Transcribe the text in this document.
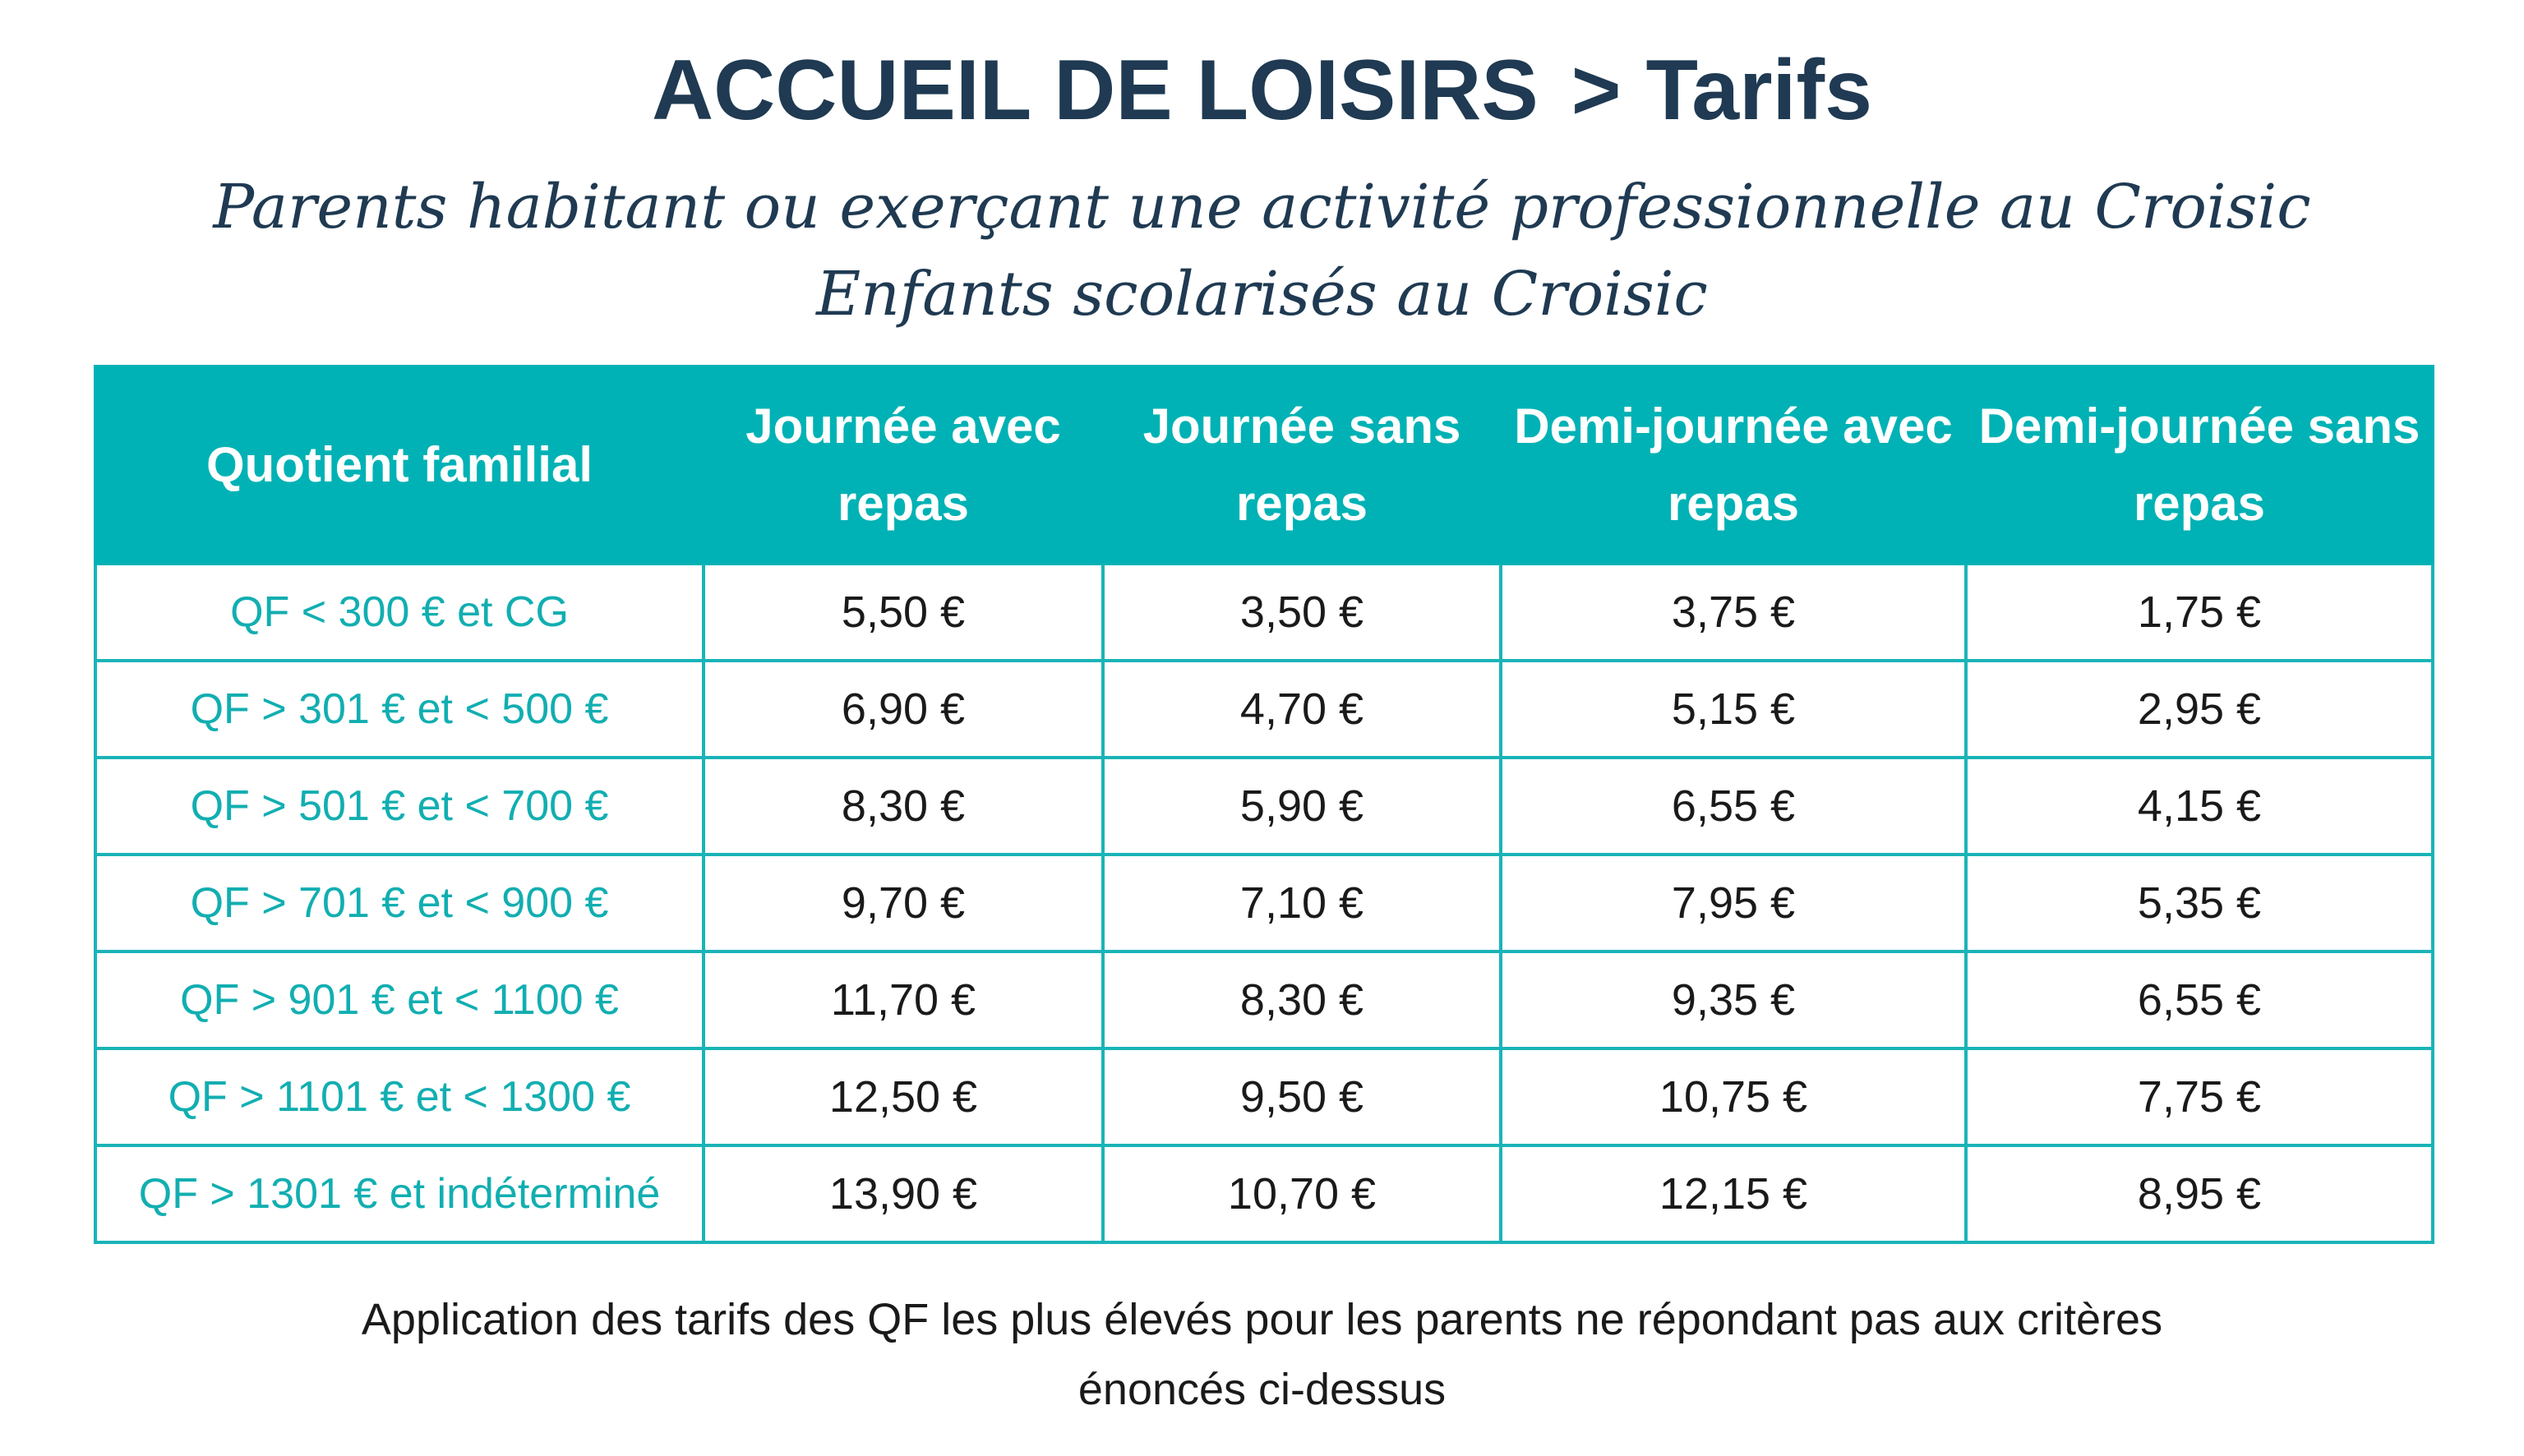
ACCUEIL DE LOISIRS > Tarifs
Parents habitant ou exerçant une activité professionnelle au Croisic
Enfants scolarisés au Croisic
Quotient familial	Journée avec repas	Journée sans repas	Demi-journée avec repas	Demi-journée sans repas
QF < 300 € et CG	5,50 €	3,50 €	3,75 €	1,75 €
QF > 301 € et < 500 €	6,90 €	4,70 €	5,15 €	2,95 €
QF > 501 € et < 700 €	8,30 €	5,90 €	6,55 €	4,15 €
QF > 701 € et < 900 €	9,70 €	7,10 €	7,95 €	5,35 €
QF > 901 € et < 1100 €	11,70 €	8,30 €	9,35 €	6,55 €
QF > 1101 € et < 1300 €	12,50 €	9,50 €	10,75 €	7,75 €
QF > 1301 € et indéterminé	13,90 €	10,70 €	12,15 €	8,95 €
Application des tarifs des QF les plus élevés pour les parents ne répondant pas aux critères
énoncés ci-dessus
